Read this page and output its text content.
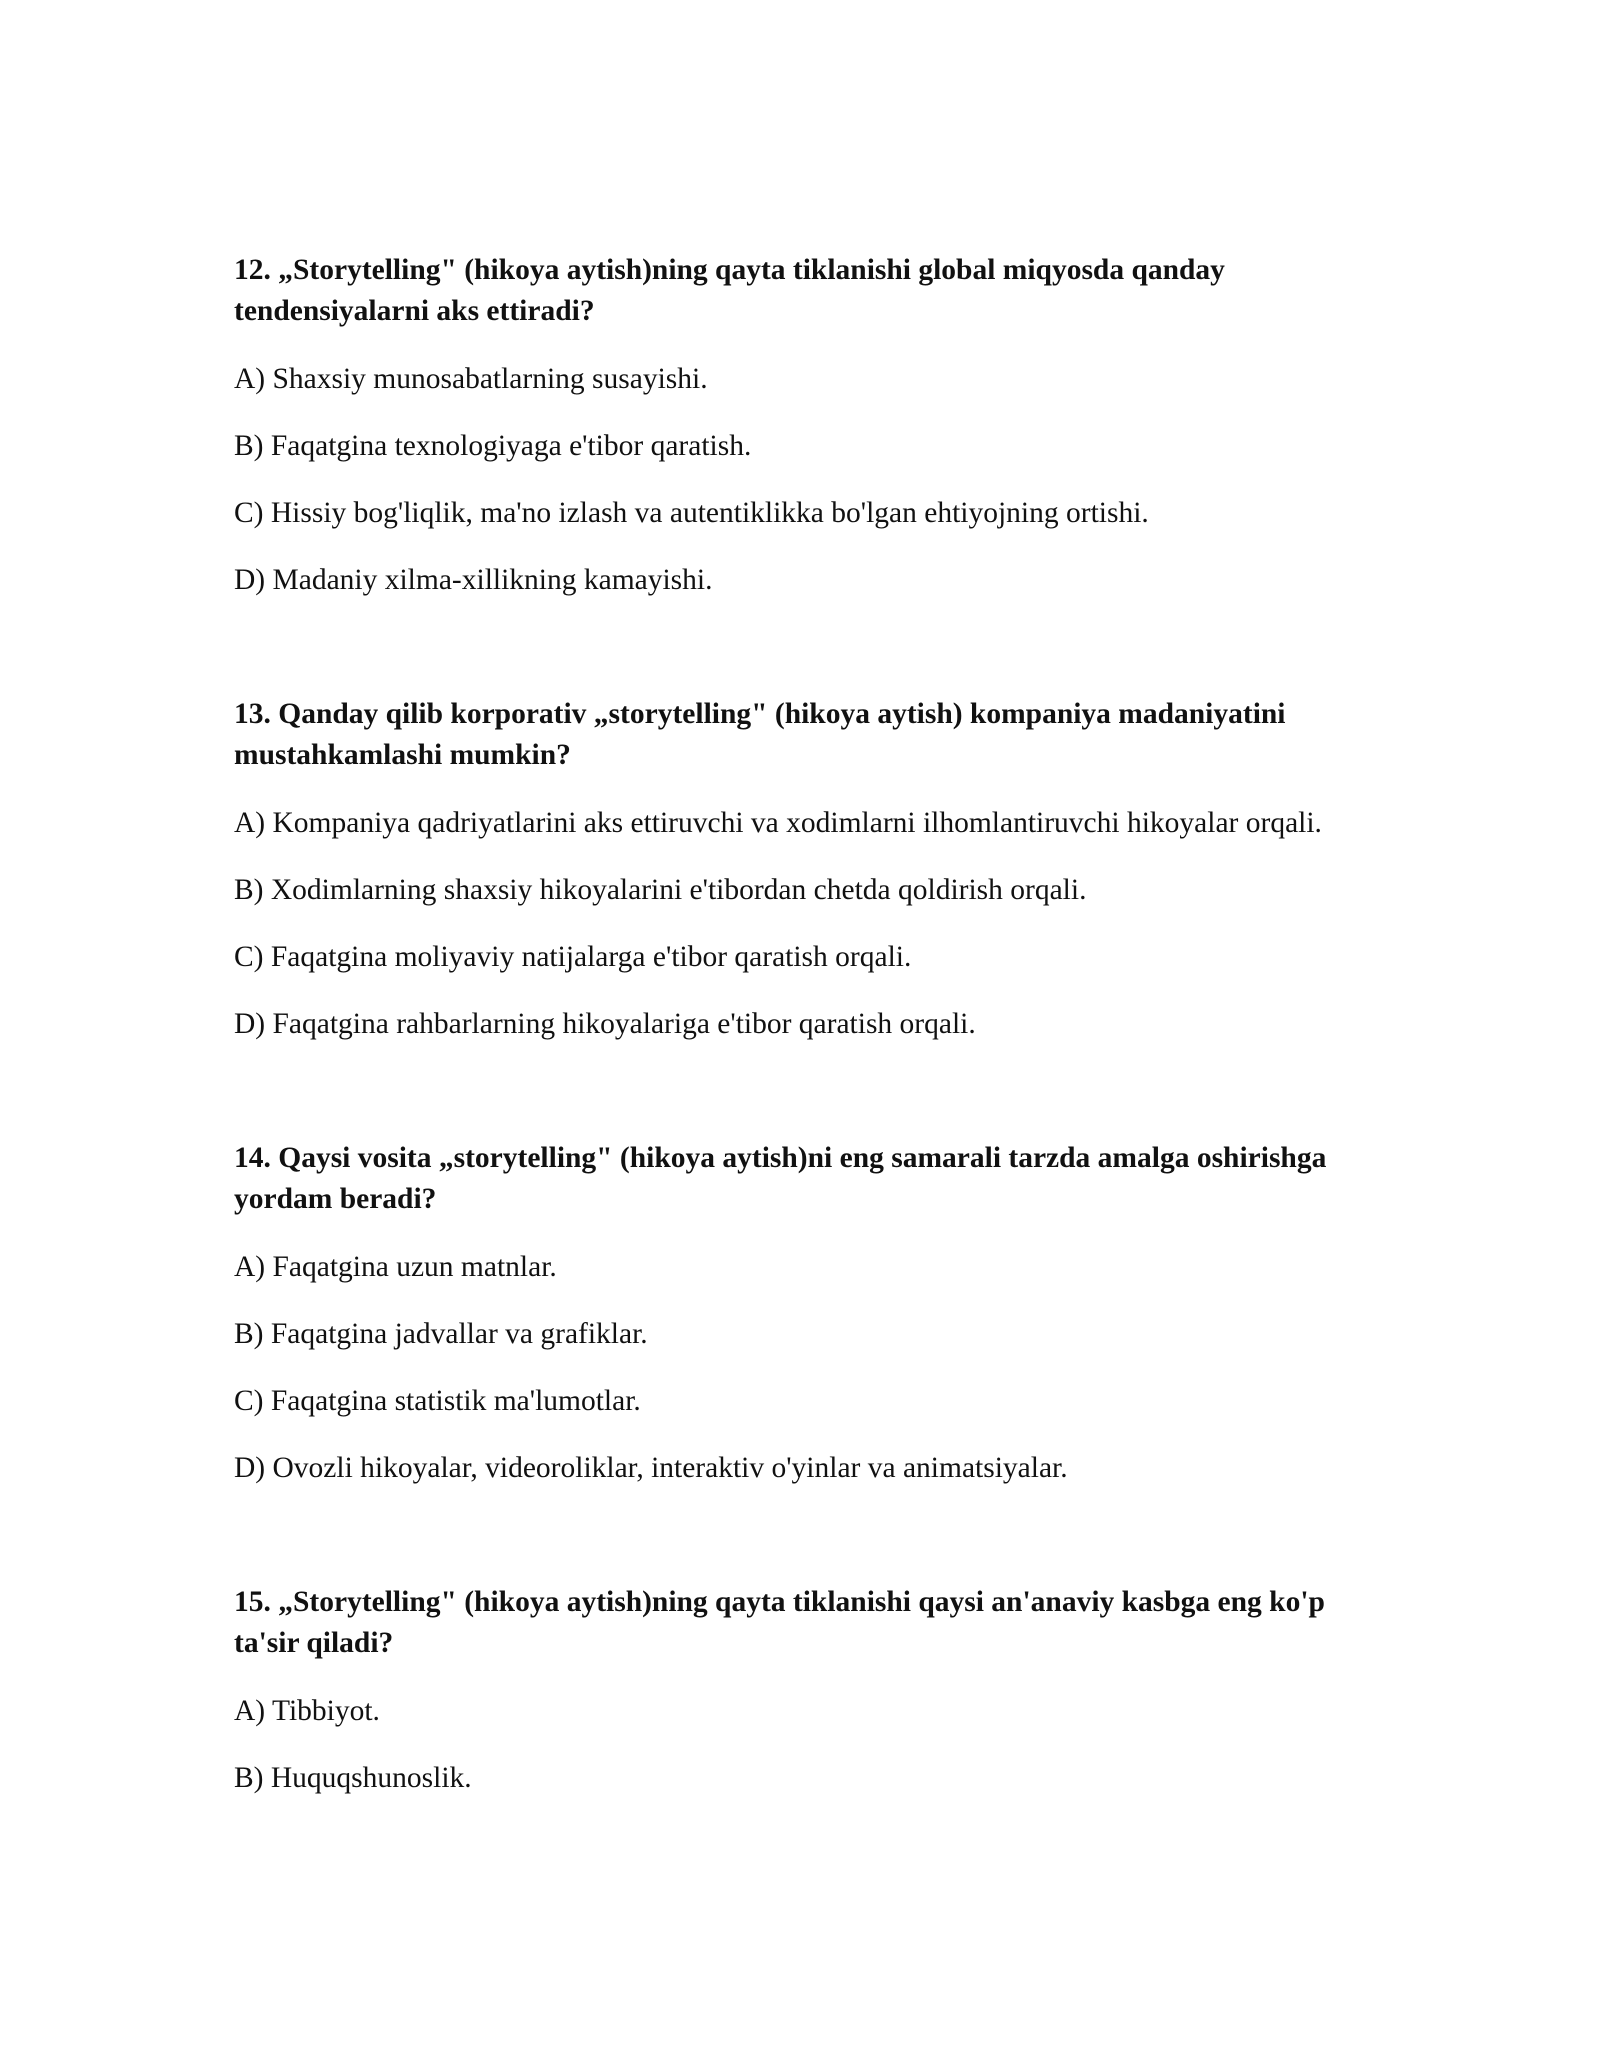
12. „Storytelling" (hikoya aytish)ning qayta tiklanishi global miqyosda qanday tendensiyalarni aks ettiradi?
A) Shaxsiy munosabatlarning susayishi.
B) Faqatgina texnologiyaga e'tibor qaratish.
C) Hissiy bog'liqlik, ma'no izlash va autentiklikka bo'lgan ehtiyojning ortishi.
D) Madaniy xilma-xillikning kamayishi.
13. Qanday qilib korporativ „storytelling" (hikoya aytish) kompaniya madaniyatini mustahkamlashi mumkin?
A) Kompaniya qadriyatlarini aks ettiruvchi va xodimlarni ilhomlantiruvchi hikoyalar orqali.
B) Xodimlarning shaxsiy hikoyalarini e'tibordan chetda qoldirish orqali.
C) Faqatgina moliyaviy natijalarga e'tibor qaratish orqali.
D) Faqatgina rahbarlarning hikoyalariga e'tibor qaratish orqali.
14. Qaysi vosita „storytelling" (hikoya aytish)ni eng samarali tarzda amalga oshirishga yordam beradi?
A) Faqatgina uzun matnlar.
B) Faqatgina jadvallar va grafiklar.
C) Faqatgina statistik ma'lumotlar.
D) Ovozli hikoyalar, videoroliklar, interaktiv o'yinlar va animatsiyalar.
15. „Storytelling" (hikoya aytish)ning qayta tiklanishi qaysi an'anaviy kasbga eng ko'p ta'sir qiladi?
A) Tibbiyot.
B) Huquqshunoslik.
